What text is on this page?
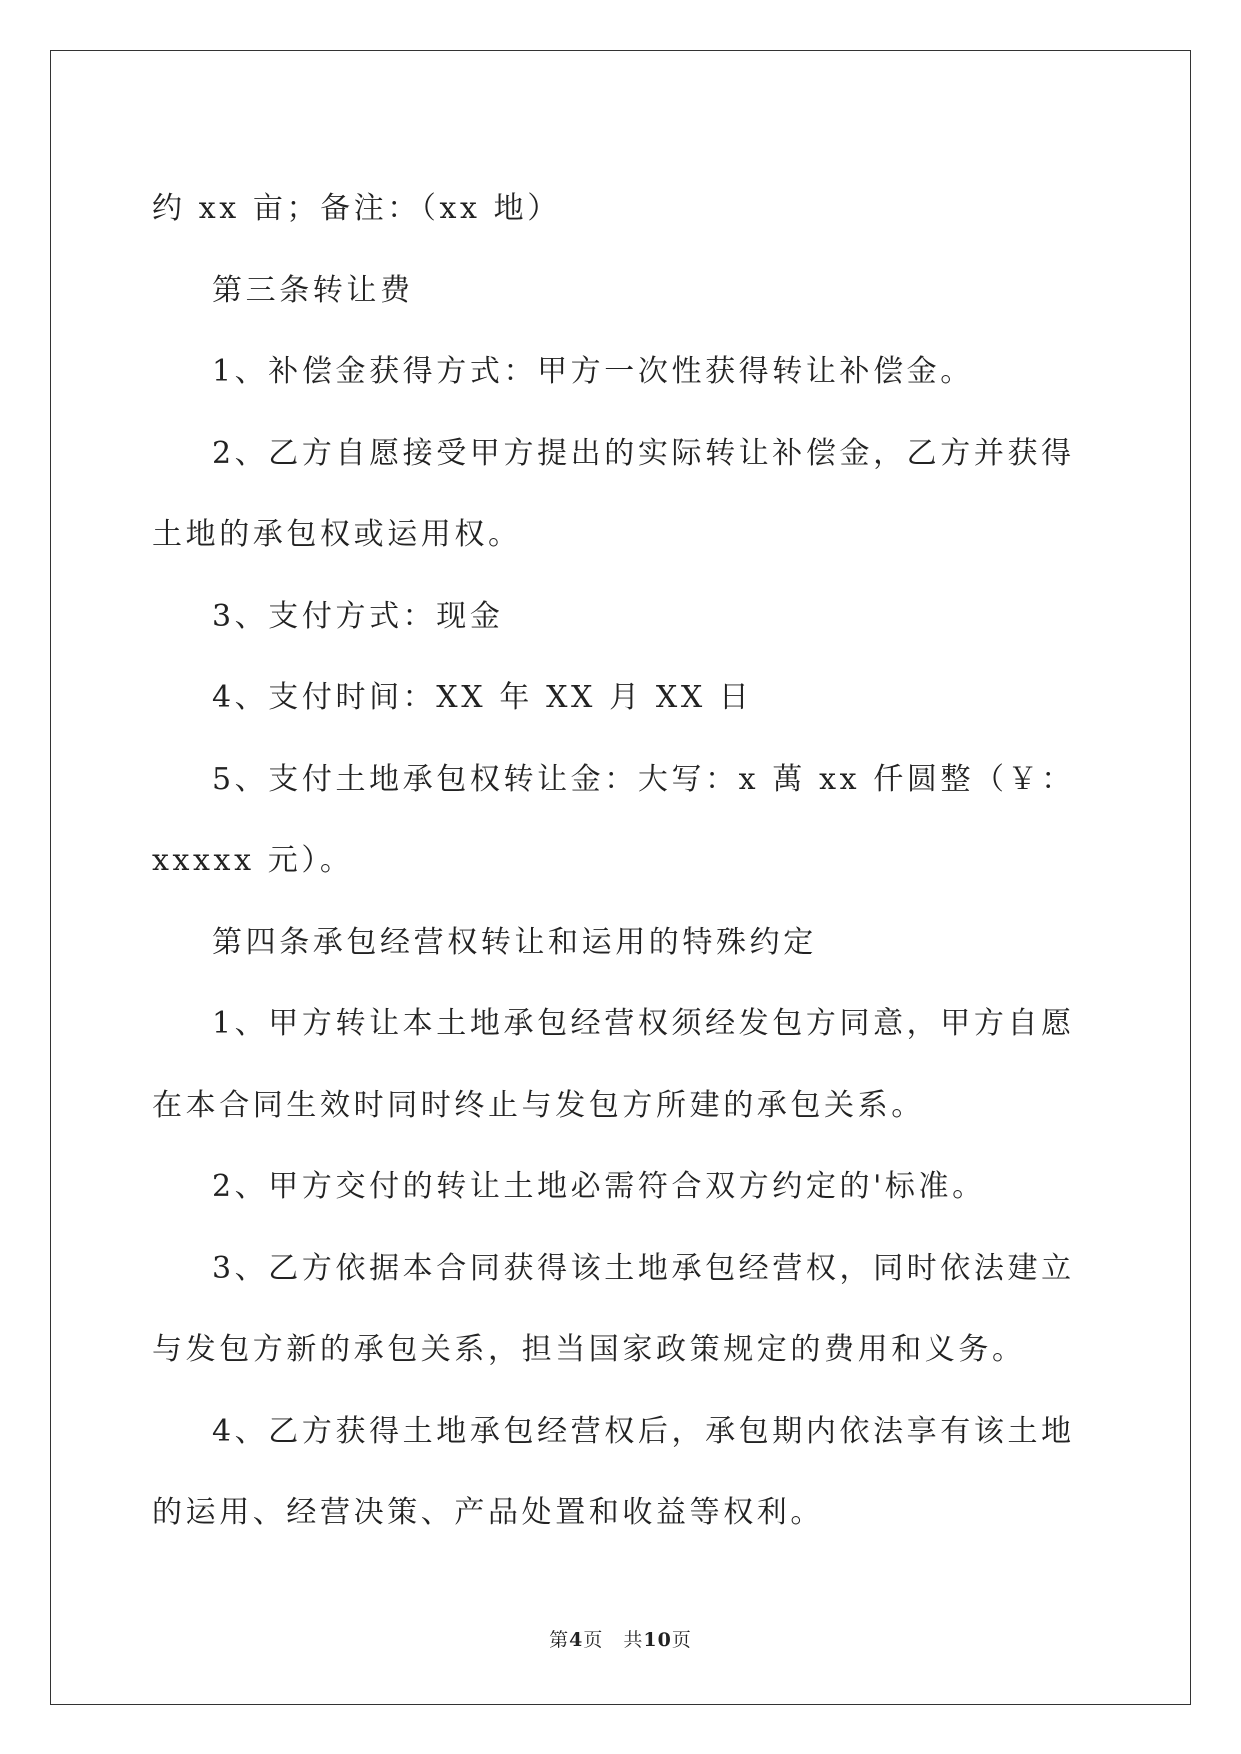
约 xx 亩；备注：（xx 地）

第三条转让费

1、补偿金获得方式：甲方一次性获得转让补偿金。

2、乙方自愿接受甲方提出的实际转让补偿金，乙方并获得土地的承包权或运用权。

3、支付方式：现金

4、支付时间：XX 年 XX 月 XX 日

5、支付土地承包权转让金：大写：x 萬 xx 仟圆整（￥：xxxxx 元）。

第四条承包经营权转让和运用的特殊约定

1、甲方转让本土地承包经营权须经发包方同意，甲方自愿在本合同生效时同时终止与发包方所建的承包关系。

2、甲方交付的转让土地必需符合双方约定的'标准。

3、乙方依据本合同获得该土地承包经营权，同时依法建立与发包方新的承包关系，担当国家政策规定的费用和义务。

4、乙方获得土地承包经营权后，承包期内依法享有该土地的运用、经营决策、产品处置和收益等权利。

第4页　共10页
